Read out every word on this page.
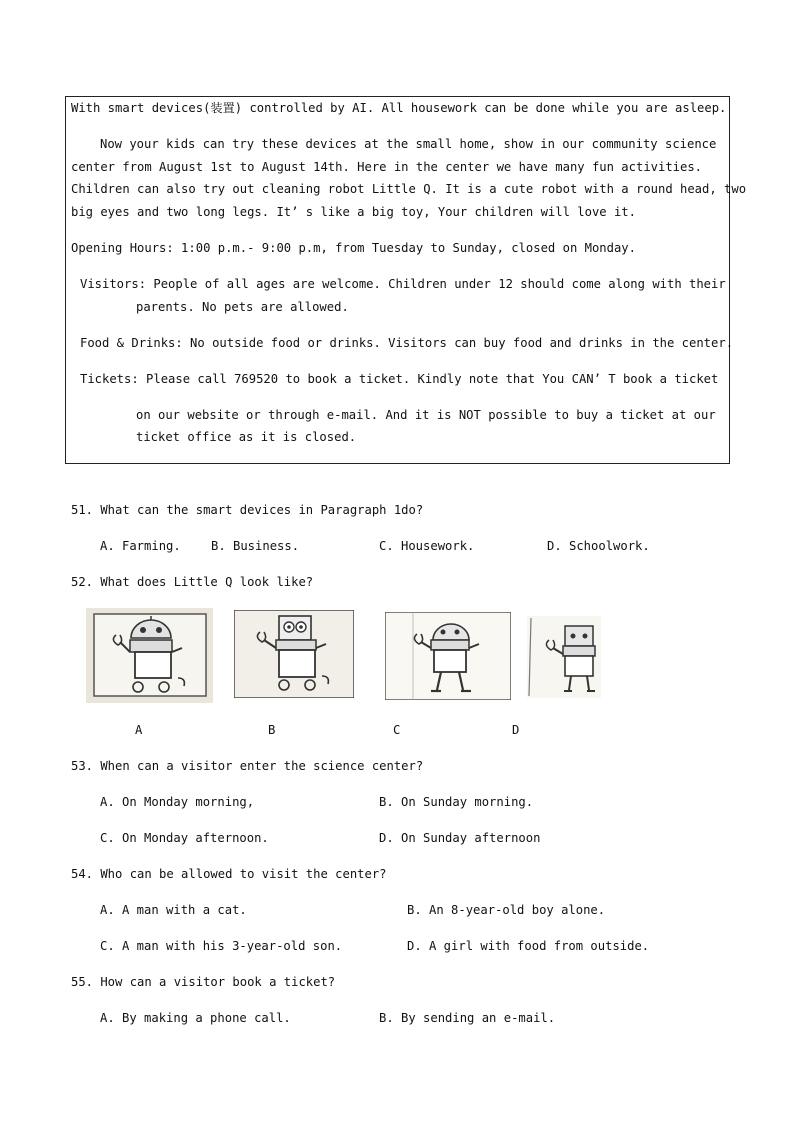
With smart devices(装置) controlled by AI. All housework can be done while you are asleep.
Now your kids can try these devices at the small home, show in our community science
center from August 1st to August 14th. Here in the center we have many fun activities.
Children can also try out cleaning robot Little Q. It is a cute robot with a round head, two
big eyes and two long legs. It’ s like a big toy, Your children will love it.
Opening Hours: 1:00 p.m.- 9:00 p.m, from Tuesday to Sunday, closed on Monday.
Visitors: People of all ages are welcome. Children under 12 should come along with their
parents. No pets are allowed.
Food & Drinks: No outside food or drinks. Visitors can buy food and drinks in the center.
Tickets: Please call 769520 to book a ticket. Kindly note that You CAN’ T book a ticket
on our website or through e-mail. And it is NOT possible to buy a ticket at our
ticket office as it is closed.
51. What can the smart devices in Paragraph 1do?
A. Farming. B. Business.	C. Housework.	D. Schoolwork.
52. What does Little Q look like?
A	B	C	D
53. When can a visitor enter the science center?
A. On Monday morning,	B. On Sunday morning.
C. On Monday afternoon.	D. On Sunday afternoon
54. Who can be allowed to visit the center?
A. A man with a cat.	B. An 8-year-old boy alone.
C. A man with his 3-year-old son.	D. A girl with food from outside.
55. How can a visitor book a ticket?
A. By making a phone call.	B. By sending an e-mail.
